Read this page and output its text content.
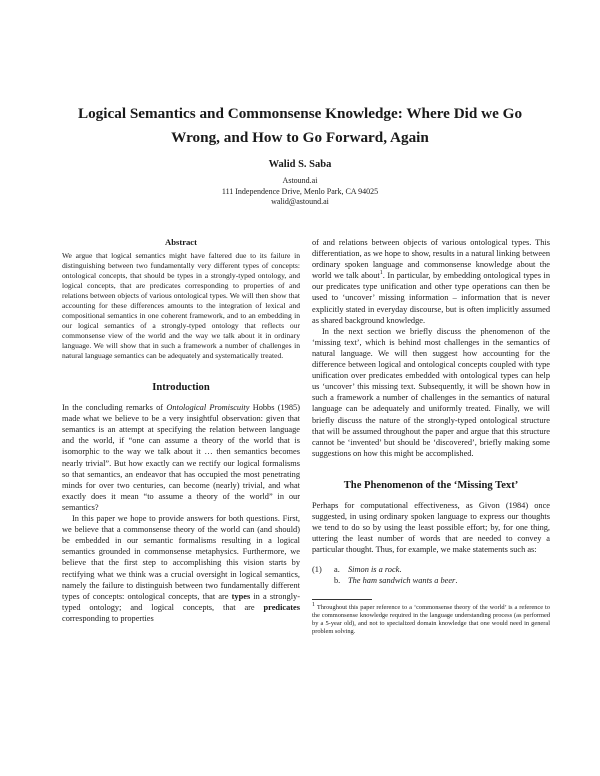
Logical Semantics and Commonsense Knowledge: Where Did we Go
Wrong, and How to Go Forward, Again
Walid S. Saba
Astound.ai
111 Independence Drive, Menlo Park, CA 94025
walid@astound.ai
Abstract

We argue that logical semantics might have faltered due to its failure in distinguishing between two fundamentally very different types of concepts: ontological concepts, that should be types in a strongly-typed ontology, and logical concepts, that are predicates corresponding to properties of and relations between objects of various ontological types. We will then show that accounting for these differences amounts to the integration of lexical and compositional semantics in one coherent framework, and to an embedding in our logical semantics of a strongly-typed ontology that reflects our commonsense view of the world and the way we talk about it in ordinary language. We will show that in such a framework a number of challenges in natural language semantics can be adequately and systematically treated.

Introduction

In the concluding remarks of Ontological Promiscuity Hobbs (1985) made what we believe to be a very insightful observation: given that semantics is an attempt at specifying the relation between language and the world, if “one can assume a theory of the world that is isomorphic to the way we talk about it … then semantics becomes nearly trivial”. But how exactly can we rectify our logical formalisms so that semantics, an endeavor that has occupied the most penetrating minds for over two centuries, can become (nearly) trivial, and what exactly does it mean “to assume a theory of the world” in our semantics?

In this paper we hope to provide answers for both questions. First, we believe that a commonsense theory of the world can (and should) be embedded in our semantic formalisms resulting in a logical semantics grounded in commonsense metaphysics. Furthermore, we believe that the first step to accomplishing this vision starts by rectifying what we think was a crucial oversight in logical semantics, namely the failure to distinguish between two fundamentally different types of concepts: ontological concepts, that are types in a strongly-typed ontology; and logical concepts, that are predicates corresponding to properties

of and relations between objects of various ontological types. This differentiation, as we hope to show, results in a natural linking between ordinary spoken language and commonsense knowledge about the world we talk about$^1$. In particular, by embedding ontological types in our predicates type unification and other type operations can then be used to ‘uncover’ missing information – information that is never explicitly stated in everyday discourse, but is often implicitly assumed as shared background knowledge.

In the next section we briefly discuss the phenomenon of the ‘missing text’, which is behind most challenges in the semantics of natural language. We will then suggest how accounting for the difference between logical and ontological concepts coupled with type unification over predicates embedded with ontological types can help us ‘uncover’ this missing text. Subsequently, it will be shown how in such a framework a number of challenges in the semantics of natural language can be adequately and uniformly treated. Finally, we will briefly discuss the nature of the strongly-typed ontological structure that will be assumed throughout the paper and argue that this structure cannot be ‘invented’ but should be ‘discovered’, briefly making some suggestions on how this might be accomplished.

The Phenomenon of the ‘Missing Text’

Perhaps for computational effectiveness, as Givon (1984) once suggested, in using ordinary spoken language to express our thoughts we tend to do so by using the least possible effort; by, for one thing, uttering the least number of words that are needed to convey a particular thought. Thus, for example, we make statements such as:

(1) a. Simon is a rock.
b. The ham sandwich wants a beer.

$^1$ Throughout this paper reference to a ‘commonsense theory of the world’ is a reference to the commonsense knowledge required in the language understanding process (as performed by a 5-year old), and not to specialized domain knowledge that one would need in general problem solving.
